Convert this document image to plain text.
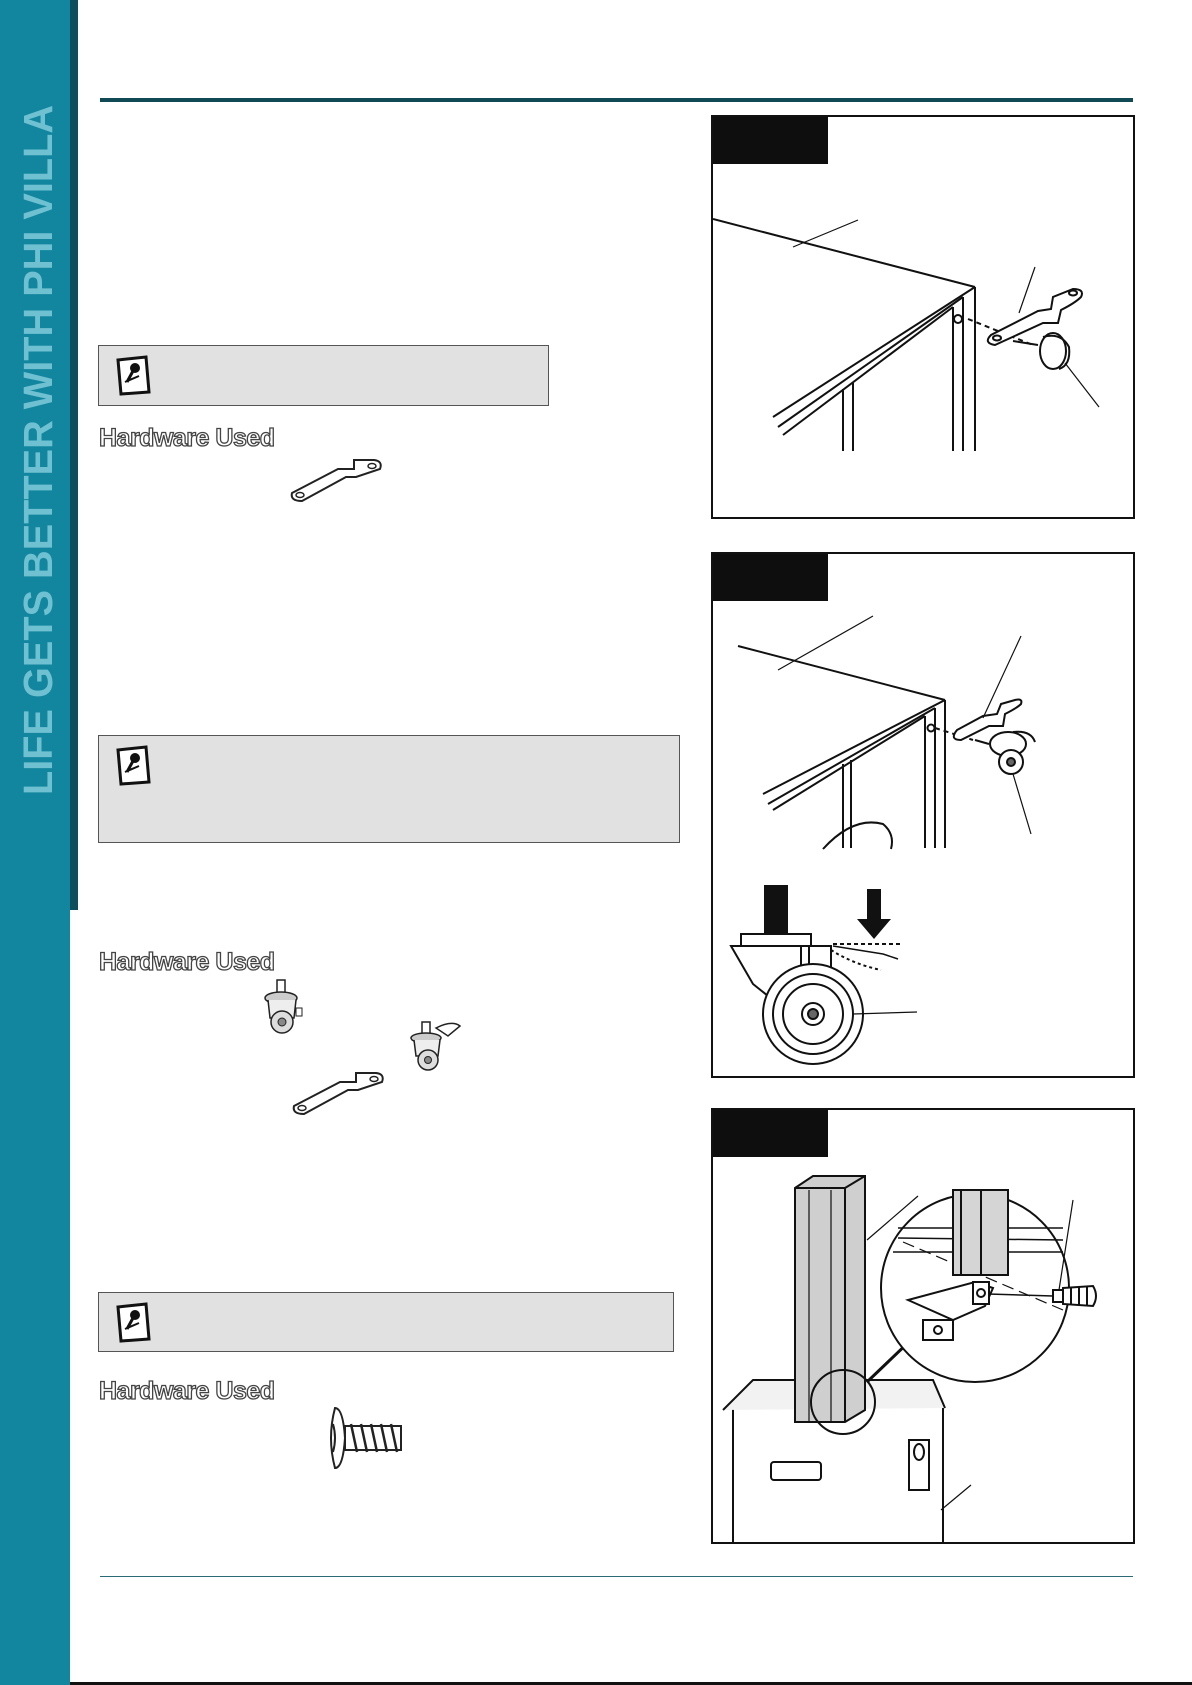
LIFE GETS BETTER WITH PHI VILLA Hardware Used
Hardware Used
Hardware Used
